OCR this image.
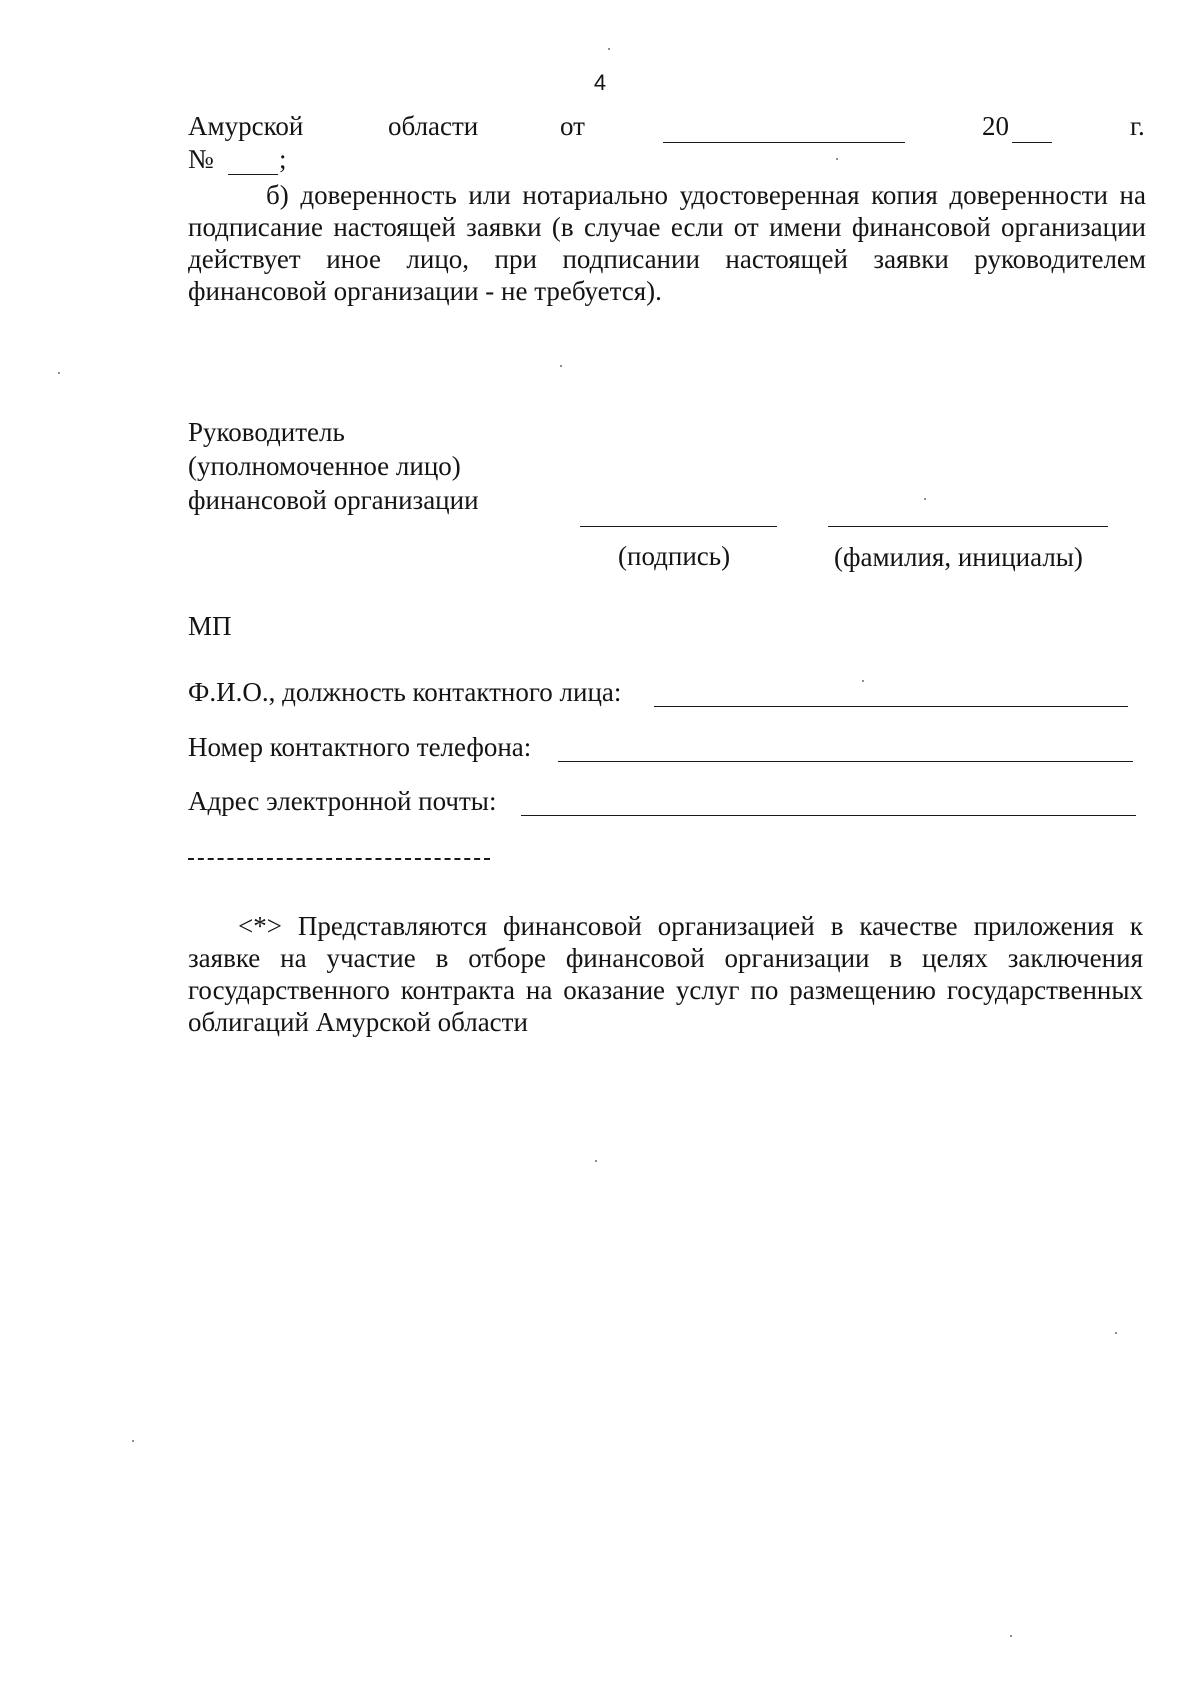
4
Амурской	области	от	20	г.
№ ;
б) доверенность или нотариально удостоверенная копия доверенности на подписание настоящей заявки (в случае если от имени финансовой организации действует иное лицо, при подписании настоящей заявки руководителем финансовой организации - не требуется).
Руководитель
(уполномоченное лицо)
финансовой организации
(подпись)	(фамилия, инициалы)
МП
Ф.И.О., должность контактного лица:
Номер контактного телефона:
Адрес электронной почты:
<*> Представляются финансовой организацией в качестве приложения к заявке на участие в отборе финансовой организации в целях заключения государственного контракта на оказание услуг по размещению государственных облигаций Амурской области
